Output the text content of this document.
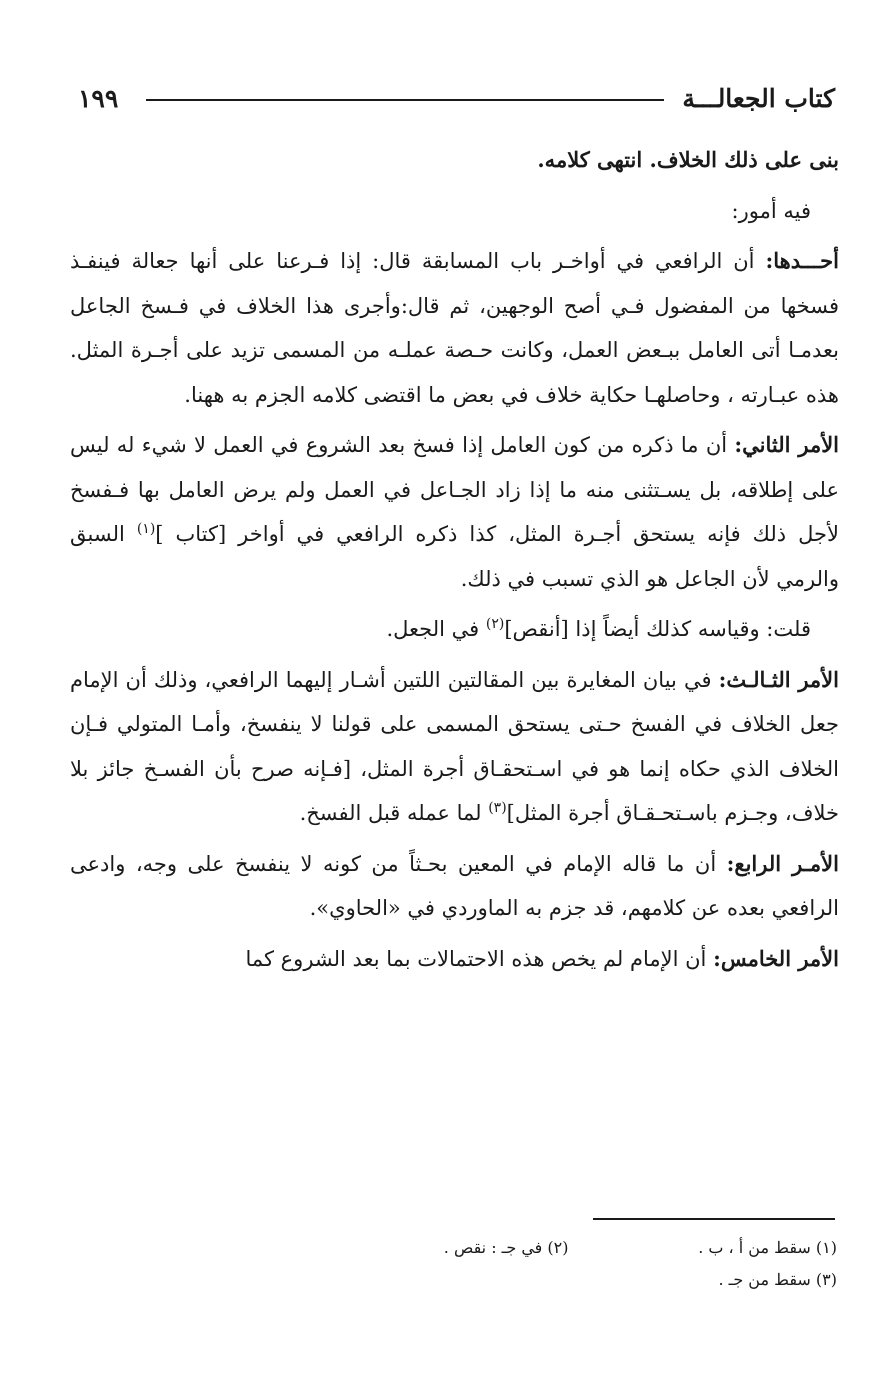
كتاب الجعالـــة
١٩٩

بنى على ذلك الخلاف. انتهى كلامه.

فيه أمور:

أحـــدها: أن الرافعي في أواخـر باب المسابقة قال: إذا فـرعنا على أنها جعالة فينفـذ فسخها من المفضول فـي أصح الوجهين، ثم قال:وأجرى هذا الخلاف في فـسخ الجاعل بعدمـا أتى العامل ببـعض العمل، وكانت حـصة عملـه من المسمى تزيد على أجـرة المثل. هذه عبـارته ، وحاصلهـا حكاية خلاف في بعض ما اقتضى كلامه الجزم به ههنا.

الأمر الثاني: أن ما ذكره من كون العامل إذا فسخ بعد الشروع في العمل لا شيء له ليس على إطلاقه، بل يسـتثنى منه ما إذا زاد الجـاعل في العمل ولم يرض العامل بها فـفسخ لأجل ذلك فإنه يستحق أجـرة المثل، كذا ذكره الرافعي في أواخر [كتاب ]$^{(١)}$ السبق والرمي لأن الجاعل هو الذي تسبب في ذلك.

قلت: وقياسه كذلك أيضاً إذا [أنقص]$^{(٢)}$ في الجعل.

الأمر الثـالـث: في بيان المغايرة بين المقالتين اللتين أشـار إليهما الرافعي، وذلك أن الإمام جعل الخلاف في الفسخ حـتى يستحق المسمى على قولنا لا ينفسخ، وأمـا المتولي فـإن الخلاف الذي حكاه إنما هو في اسـتحقـاق أجرة المثل، [فـإنه صرح بأن الفسـخ جائز بلا خلاف، وجـزم باسـتحـقـاق أجرة المثل]$^{(٣)}$ لما عمله قبل الفسخ.

الأمـر الرابع: أن ما قاله الإمام في المعين بحـثاً من كونه لا ينفسخ على وجه، وادعى الرافعي بعده عن كلامهم، قد جزم به الماوردي في «الحاوي».

الأمر الخامس: أن الإمام لم يخص هذه الاحتمالات بما بعد الشروع كما

(١) سقط من أ ، ب .
(٢) في جـ : نقص .
(٣) سقط من جـ .
